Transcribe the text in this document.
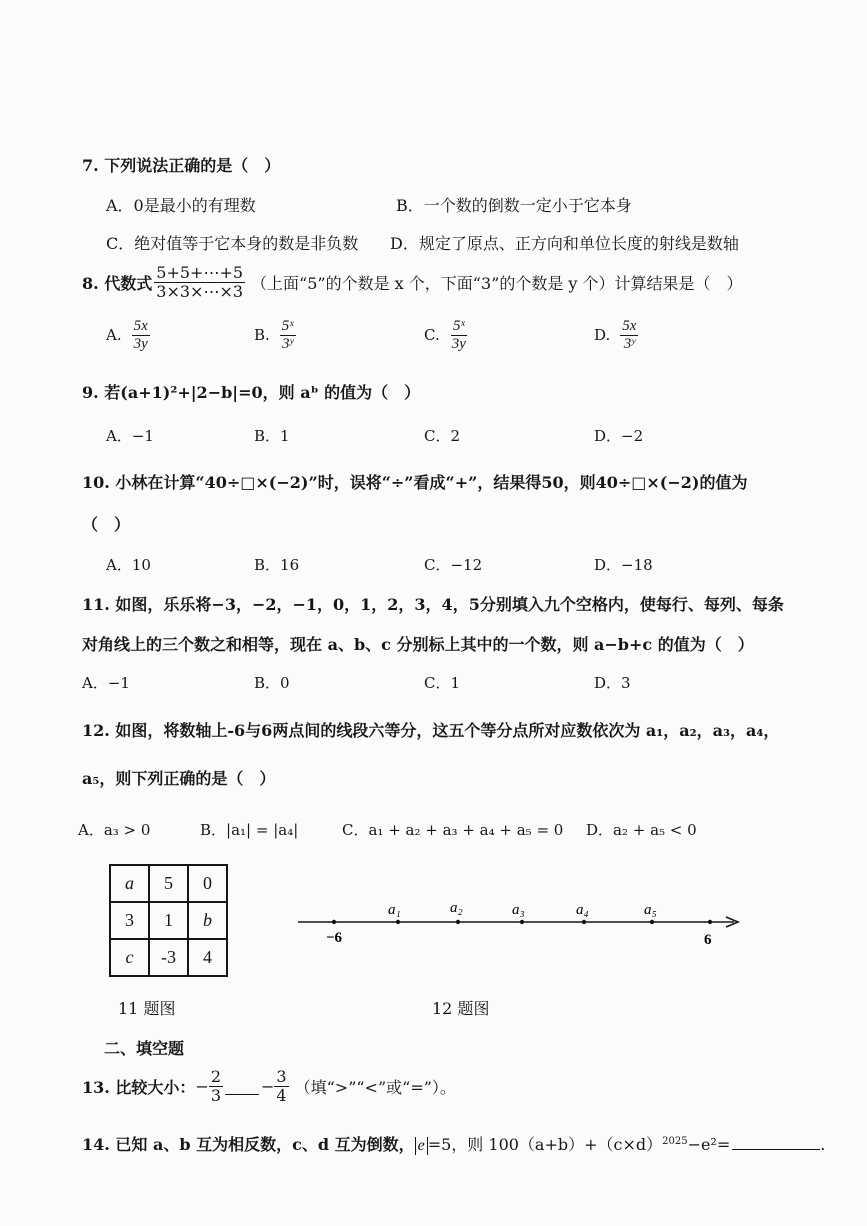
7. 下列说法正确的是（　）
A．0是最小的有理数	B．一个数的倒数一定小于它本身
C．绝对值等于它本身的数是非负数 D．规定了原点、正方向和单位长度的射线是数轴
8. 代数式 $\frac{5+5+\cdots+5}{3\times 3\times\cdots\times 3}$ （上面“5”的个数是 x 个，下面“3”的个数是 y 个）计算结果是（　）
A. $\frac{5x}{3y}$	B. $\frac{\text{5ˣ}}{\text{3ʸ}}$	C. $\frac{\text{5ˣ}}{3y}$	D. $\frac{5x}{\text{3ʸ}}$
9. 若(a+1)²+|2−b|=0，则 aᵇ 的值为（　）
A．−1	B．1	C．2	D．−2
10. 小林在计算“40÷□×(−2)”时，误将“÷”看成“+”，结果得50，则40÷□×(−2)的值为
（　）
A．10	B．16	C．−12	D．−18
11. 如图，乐乐将−3，−2，−1，0，1，2，3，4，5分别填入九个空格内，使每行、每列、每条
对角线上的三个数之和相等，现在 a、b、c 分别标上其中的一个数，则 a−b+c 的值为（　）
A．−1	B．0	C．1	D．3
12. 如图，将数轴上-6与6两点间的线段六等分，这五个等分点所对应数依次为 a₁，a₂，a₃，a₄，
a₅，则下列正确的是（　）
A．a₃ > 0	B．|a₁| = |a₄|	C．a₁ + a₂ + a₃ + a₄ + a₅ = 0 D．a₂ + a₅ < 0
a	5	0
3	1	b
c	-3	4
11 题图
−6	6
a₁	a₂	a₃	a₄	a₅
12 题图
二、填空题
13. 比较大小： − $\frac{2}{3} - \frac{3}{4}$ （填“>”“<”或“=”）。
14. 已知 a、b 互为相反数，c、d 互为倒数， e =5，则 $100(a+b)+(c\times d)^{2025} -e^2=$	.
